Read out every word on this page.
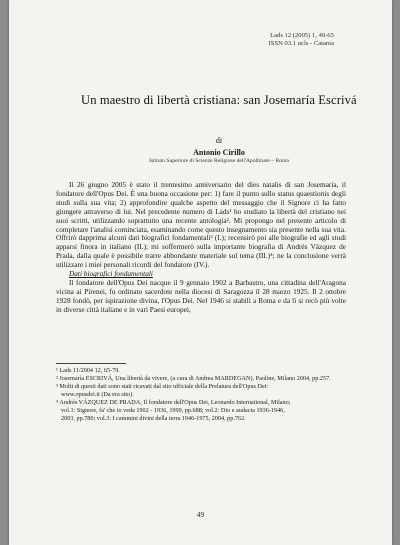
Lads 12 (2005) 1, 49-65
ISSN 03.1 ncls - Catania
Un maestro di libertà cristiana: san Josemaría Escrivá
di
Antonio Cirillo
Istituto Superiore di Scienze Religiose dell'Apollinare – Roma

Il 26 giugno 2005 è stato il trentesimo anniversario del dies natalis di san Josemaría, il fondatore dell'Opus Dei. È una buona occasione per: 1) fare il punto sullo status quaestionis degli studi sulla sua vita; 2) approfondire qualche aspetto del messaggio che il Signore ci ha fatto giungere attraverso di lui. Nel precedente numero di Lads¹ ho studiato la libertà del cristiano nei suoi scritti, utilizzando soprattutto una recente antologia². Mi propongo nel presente articolo di completare l'analisi cominciata, esaminando come questo insegnamento sia presente nella sua vita. Offrirò dapprima alcuni dati biografici fondamentali³ (I.); recensirò poi alle biografie ed agli studi apparsi finora in italiano (II.); mi soffermerò sulla importante biografia di Andrés Vázquez de Prada, dalla quale è possibile trarre abbondante materiale sul tema (III.)⁴; ne la conclusione verrà utilizzare i miei personali ricordi del fondatore (IV.).

Dati biografici fondamentali

Il fondatore dell'Opus Dei nacque il 9 gennaio 1902 a Barbastro, una cittadina dell'Aragona vicina ai Pirenei, fu ordinato sacerdote nella diocesi di Saragozza il 28 marzo 1925. Il 2 ottobre 1928 fondò, per ispirazione divina, l'Opus Dei. Nel 1946 si stabilì a Roma e da lì si recò più volte in diverse città italiane e in vari Paesi europei,

¹ Lads 11/2004 12, 65-79.
² Josemaría ESCRIVÁ, Una libertà da vivere, (a cura di Andrea MARDEGAN), Paoline, Milano 2004, pp.257.
³ Molti di questi dati sono stati ricavati dal sito ufficiale della Prelatura dell'Opus Dei:
www.opusdei.it (Da era sito).
⁴ Andrés VÁZQUEZ DE PRADA, Il fondatore dell'Opus Dei, Leonardo International, Milano;
vol.1: Signore, fa' che io veda 1902 - 1936, 1999, pp.688; vol.2: Dio e audacia 1936-1946,
2003, pp.780; vol.3: I cammini divini della terra 1946-1975, 2004, pp.762.
49
